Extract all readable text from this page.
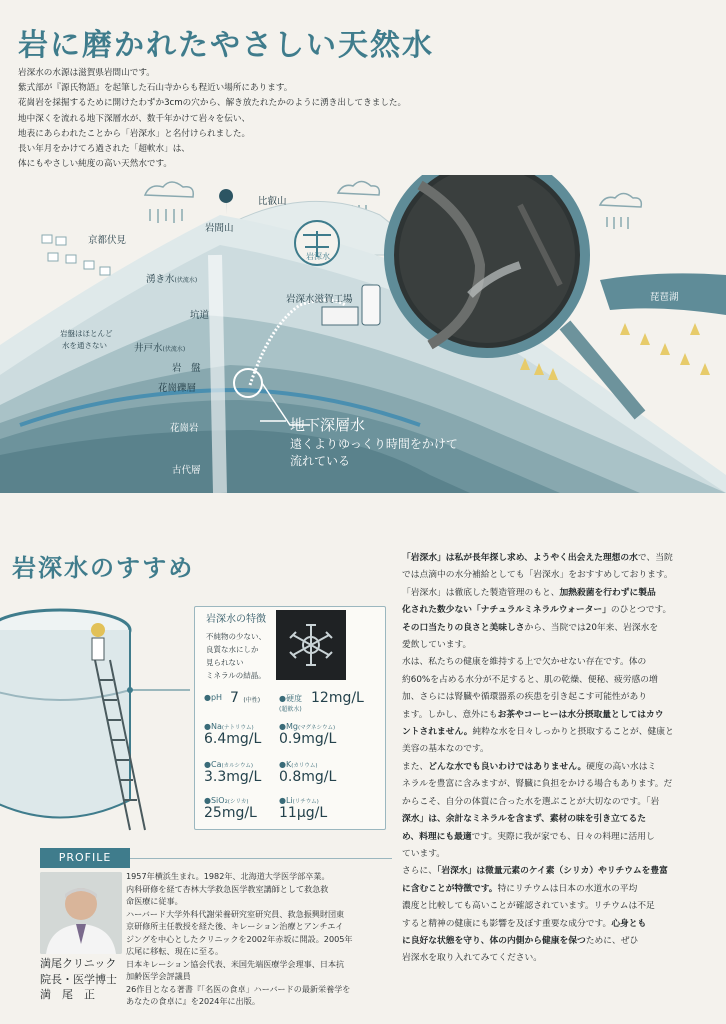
岩に磨かれたやさしい天然水
岩深水の水源は滋賀県岩間山です。
紫式部が『源氏物語』を起筆した石山寺からも程近い場所にあります。
花崗岩を採掘するために開けたわずか3cmの穴から、解き放たれたかのように湧き出してきました。
地中深くを流れる地下深層水が、数千年かけて岩々を伝い、
地表にあらわれたことから「岩深水」と名付けられました。
長い年月をかけてろ過された「超軟水」は、
体にもやさしい純度の高い天然水です。
比叡山
岩間山
京都伏見
岩深水滋賀工場	琵琶湖
湧き水(伏流水)
井戸水(伏流水)
坑道
岩盤はほとんど
水を通さない
岩　盤
花崗礫層
花崗岩
古代層
岩深水
地下深層水
遠くよりゆっくり時間をかけて
流れている
岩深水のすすめ
岩深水の特徴
不純物の少ない、
良質な水にしか
見られない
ミネラルの結晶。
●pH 7 (中性) ●硬度 12mg/L
(超軟水)
●Na(ナトリウム)
6.4mg/L
●Mg(マグネシウム)
0.9mg/L
●Ca(カルシウム)
3.3mg/L
●K(カリウム)
0.8mg/L
●SiO₂(シリカ)
25mg/L
●Li(リチウム)
11μg/L
PROFILE
満尾クリニック
院長・医学博士
満　尾　正
1957年横浜生まれ。1982年、北海道大学医学部卒業。
内科研修を経て杏林大学救急医学教室講師として救急救
命医療に従事。
ハーバード大学外科代謝栄養研究室研究員、救急振興財団東
京研修所主任教授を経た後、キレーション治療とアンチエイ
ジングを中心としたクリニックを2002年赤坂に開設。2005年
広尾に移転、現在に至る。
日本キレーション協会代表、米国先端医療学会理事、日本抗
加齢医学会評議員
26作目となる著書『「名医の食卓」ハーバードの最新栄養学を
あなたの食卓に』を2024年に出版。
「岩深水」は私が長年探し求め、ようやく出会えた理想の水で、当院
では点滴中の水分補給としても「岩深水」をおすすめしております。
「岩深水」は徹底した製造管理のもと、加熱殺菌を行わずに製品
化された数少ない「ナチュラルミネラルウォーター」のひとつです。
その口当たりの良さと美味しさから、当院では20年来、岩深水を
愛飲しています。
水は、私たちの健康を維持する上で欠かせない存在です。体の
約60%を占める水分が不足すると、肌の乾燥、便秘、疲労感の増
加、さらには腎臓や循環器系の疾患を引き起こす可能性があり
ます。しかし、意外にもお茶やコーヒーは水分摂取量としてはカウ
ントされません。純粋な水を日々しっかりと摂取することが、健康と
美容の基本なのです。
また、どんな水でも良いわけではありません。硬度の高い水はミ
ネラルを豊富に含みますが、腎臓に負担をかける場合もあります。だ
からこそ、自分の体質に合った水を選ぶことが大切なのです。「岩
深水」は、余計なミネラルを含まず、素材の味を引き立てるた
め、料理にも最適です。実際に我が家でも、日々の料理に活用し
ています。
さらに、「岩深水」は微量元素のケイ素（シリカ）やリチウムを豊富
に含むことが特徴です。特にリチウムは日本の水道水の平均
濃度と比較しても高いことが確認されています。リチウムは不足
すると精神の健康にも影響を及ぼす重要な成分です。心身とも
に良好な状態を守り、体の内側から健康を保つために、ぜひ
岩深水を取り入れてみてください。
